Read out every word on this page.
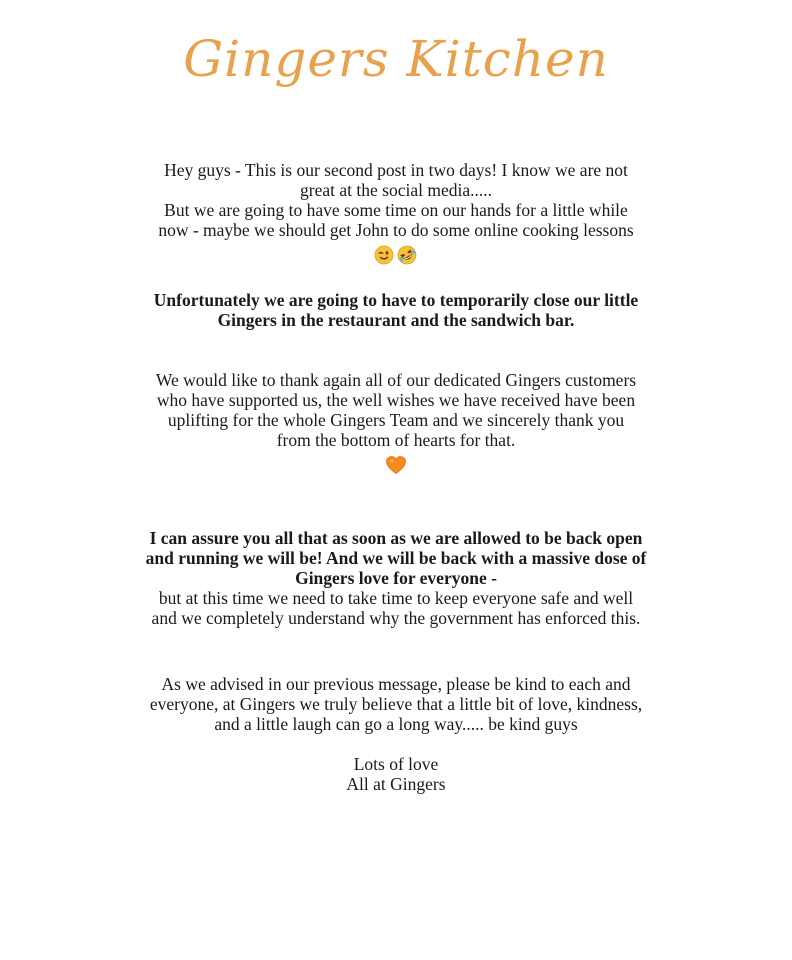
Gingers Kitchen
Hey guys - This is our second post in two days! I know we are not
great at the social media.....
But we are going to have some time on our hands for a little while
now - maybe we should get John to do some online cooking lessons
Unfortunately we are going to have to temporarily close our little
Gingers in the restaurant and the sandwich bar.
We would like to thank again all of our dedicated Gingers customers
who have supported us, the well wishes we have received have been
uplifting for the whole Gingers Team and we sincerely thank you
from the bottom of hearts for that.
I can assure you all that as soon as we are allowed to be back open
and running we will be! And we will be back with a massive dose of
Gingers love for everyone -
but at this time we need to take time to keep everyone safe and well
and we completely understand why the government has enforced this.
As we advised in our previous message, please be kind to each and
everyone, at Gingers we truly believe that a little bit of love, kindness,
and a little laugh can go a long way..... be kind guys
Lots of love
All at Gingers
